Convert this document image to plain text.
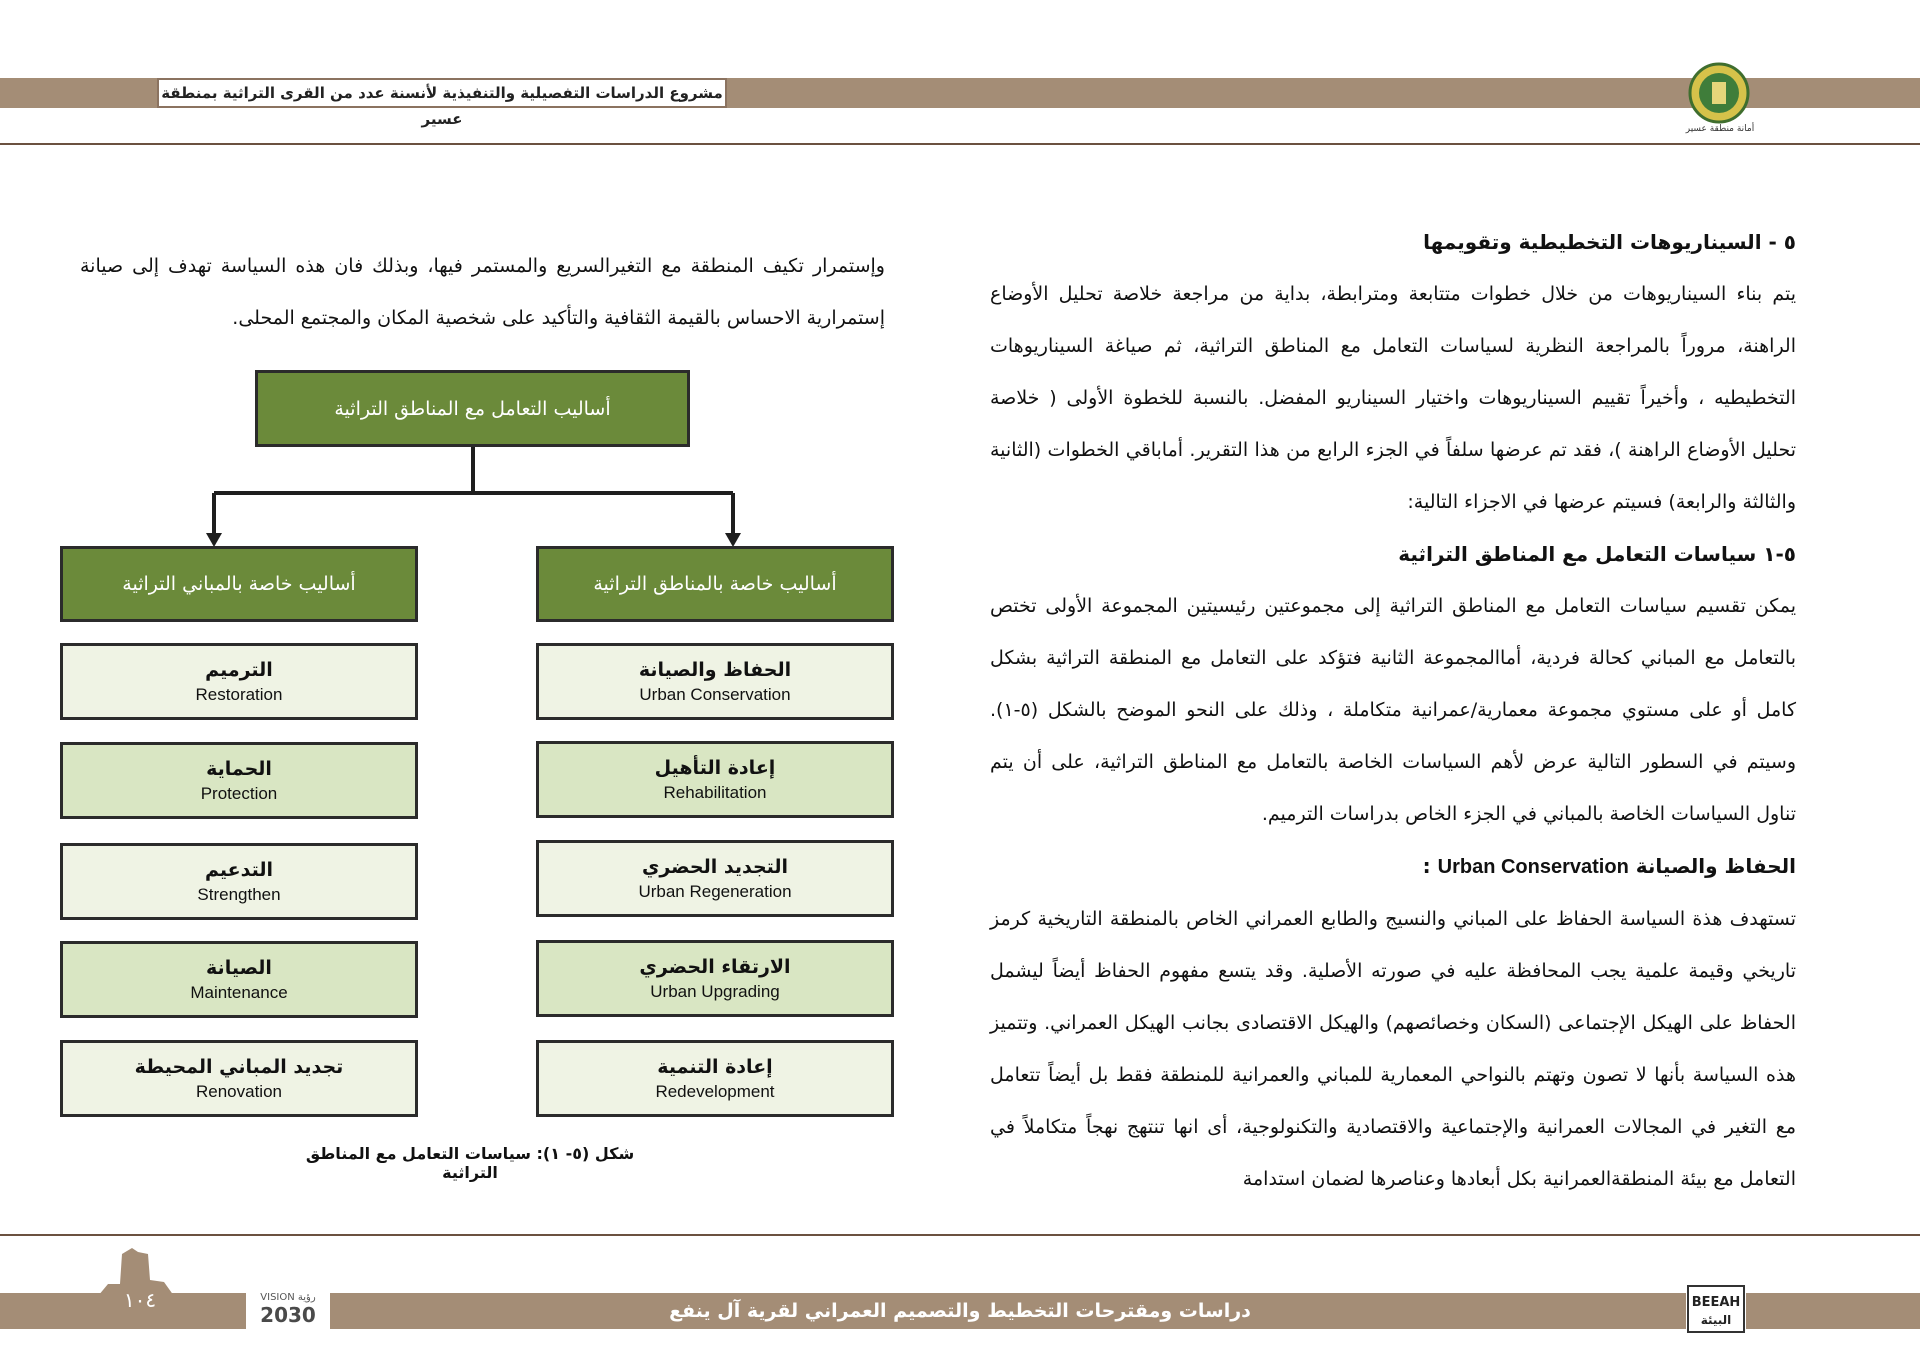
مشروع الدراسات التفصيلية والتنفيذية لأنسنة عدد من القرى التراثية بمنطقة عسير
أمانة منطقة عسير

٥ - السيناريوهات التخطيطية وتقويمها

يتم بناء السيناريوهات من خلال خطوات متتابعة ومترابطة، بداية من مراجعة خلاصة تحليل الأوضاع الراهنة، مروراً بالمراجعة النظرية لسياسات التعامل مع المناطق التراثية، ثم صياغة السيناريوهات التخطيطيه ، وأخيراً تقييم السيناريوهات واختيار السيناريو المفضل. بالنسبة للخطوة الأولى ( خلاصة تحليل الأوضاع الراهنة )، فقد تم عرضها سلفاً في الجزء الرابع من هذا التقرير. أماباقي الخطوات (الثانية والثالثة والرابعة) فسيتم عرضها في الاجزاء التالية:

٥-١ سياسات التعامل مع المناطق التراثية

يمكن تقسيم سياسات التعامل مع المناطق التراثية إلى مجموعتين رئيسيتين المجموعة الأولى تختص بالتعامل مع المباني كحالة فردية، أماالمجموعة الثانية فتؤكد على التعامل مع المنطقة التراثية بشكل كامل أو على مستوي مجموعة معمارية/عمرانية متكاملة ، وذلك على النحو الموضح بالشكل (٥-١). وسيتم في السطور التالية عرض لأهم السياسات الخاصة بالتعامل مع المناطق التراثية، على أن يتم تناول السياسات الخاصة بالمباني في الجزء الخاص بدراسات الترميم.

الحفاظ والصيانة Urban Conservation :

تستهدف هذة السياسة الحفاظ على المباني والنسيج والطابع العمراني الخاص بالمنطقة التاريخية كرمز تاريخي وقيمة علمية يجب المحافظة عليه في صورته الأصلية. وقد يتسع مفهوم الحفاظ أيضاً ليشمل الحفاظ على الهيكل الإجتماعى (السكان وخصائصهم) والهيكل الاقتصادى بجانب الهيكل العمراني. وتتميز هذه السياسة بأنها لا تصون وتهتم بالنواحي المعمارية للمباني والعمرانية للمنطقة فقط بل أيضاً تتعامل مع التغير في المجالات العمرانية والإجتماعية والاقتصادية والتكنولوجية، أى انها تنتهج نهجاً متكاملاً في التعامل مع بيئة المنطقةالعمرانية بكل أبعادها وعناصرها لضمان استدامة

وإستمرار تكيف المنطقة مع التغيرالسريع والمستمر فيها، وبذلك فان هذه السياسة تهدف إلى صيانة إستمرارية الاحساس بالقيمة الثقافية والتأكيد على شخصية المكان والمجتمع المحلى.
أساليب التعامل مع المناطق التراثية
أساليب خاصة بالمناطق التراثية
أساليب خاصة بالمباني التراثية
الحفاظ والصيانة
Urban Conservation
إعادة التأهيل
Rehabilitation
التجديد الحضري
Urban Regeneration
الارتقاء الحضري
Urban Upgrading
إعادة التنمية
Redevelopment
الترميم
Restoration
الحماية
Protection
التدعيم
Strengthen
الصيانة
Maintenance
تجديد المباني المحيطة
Renovation
شكل (٥- ١): سياسات التعامل مع المناطق التراثية
١٠٤	VISION رؤية
2030	دراسات ومقترحات التخطيط والتصميم العمراني لقرية آل ينفع	BEEAH
البيئة
